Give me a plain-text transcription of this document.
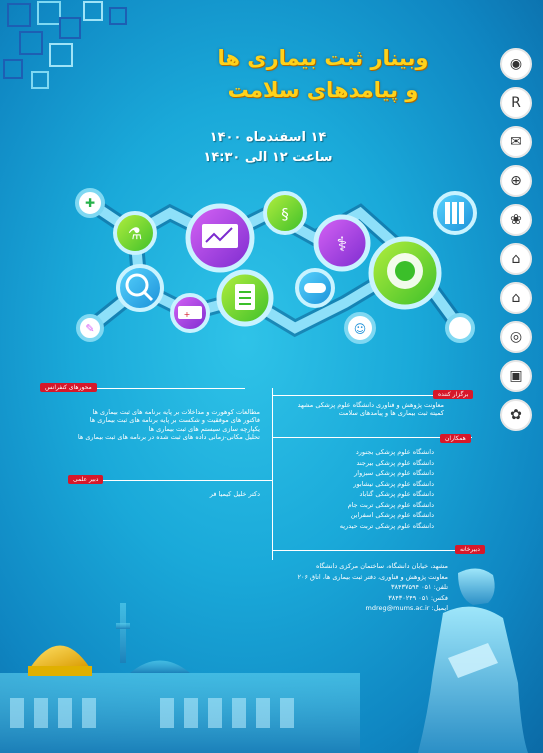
وبینار ثبت بیماری ها
و پیامدهای سلامت
۱۴ اسفندماه ۱۴۰۰
ساعت ۱۲ الی ۱۴:۳۰
◉
R
✉
⊕
❀
⌂
⌂
◎
▣
✿
✚
⚗
§
⚕
✎
+
☺
محورهای کنفرانس
مطالعات کوهورت و مداخلات بر پایه برنامه های ثبت بیماری ها
فاکتور های موفقیت و شکست بر پایه برنامه های ثبت بیماری ها
یکپارچه سازی سیستم های ثبت بیماری ها
تحلیل مکانی-زمانی داده های ثبت شده در برنامه های ثبت بیماری ها
برگزار کننده
معاونت پژوهش و فناوری دانشگاه علوم پزشکی مشهد
کمیته ثبت بیماری ها و پیامدهای سلامت
همکاران
دانشگاه علوم پزشکی بجنورد
دانشگاه علوم پزشکی بیرجند
دانشگاه علوم پزشکی سبزوار
دانشگاه علوم پزشکی نیشابور
دانشگاه علوم پزشکی گناباد
دانشگاه علوم پزشکی تربت جام
دانشگاه علوم پزشکی اسفراین
دانشگاه علوم پزشکی تربت حیدریه
دبیر علمی
دکتر خلیل کیمیا فر
دبیرخانه
مشهد، خیابان دانشگاه، ساختمان مرکزی دانشگاه
معاونت پژوهش و فناوری، دفتر ثبت بیماری ها، اتاق ۲۰۶
تلفن: ۰۵۱ ۳۸۴۳۷۵۹۴
فکس: ۰۵۱ ۳۸۴۳۰۲۴۹
ایمیل: mdreg@mums.ac.ir
